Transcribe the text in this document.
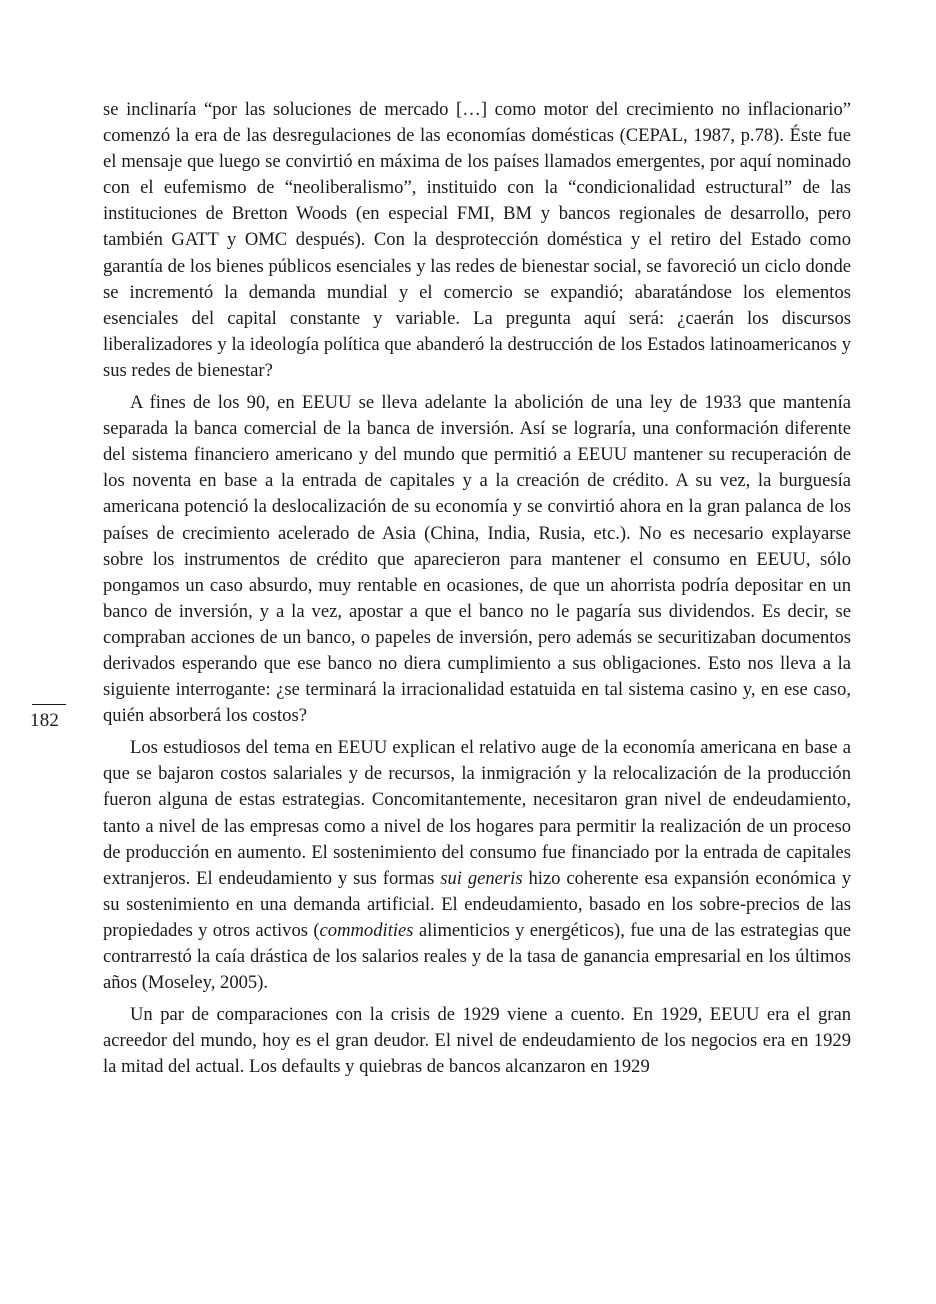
182

se inclinaría “por las soluciones de mercado […] como motor del crecimiento no inflacionario” comenzó la era de las desregulaciones de las economías domésticas (CEPAL, 1987, p.78). Éste fue el mensaje que luego se convirtió en máxima de los países llamados emergentes, por aquí nominado con el eufemismo de “neoliberalismo”, instituido con la “condicionalidad estructural” de las instituciones de Bretton Woods (en especial FMI, BM y bancos regionales de desarrollo, pero también GATT y OMC después). Con la desprotección doméstica y el retiro del Estado como garantía de los bienes públicos esenciales y las redes de bienestar social, se favoreció un ciclo donde se incrementó la demanda mundial y el comercio se expandió; abaratándose los elementos esenciales del capital constante y variable. La pregunta aquí será: ¿caerán los discursos liberalizadores y la ideología política que abanderó la destrucción de los Estados latinoamericanos y sus redes de bienestar?

A fines de los 90, en EEUU se lleva adelante la abolición de una ley de 1933 que mantenía separada la banca comercial de la banca de inversión. Así se lograría, una conformación diferente del sistema financiero americano y del mundo que permitió a EEUU mantener su recuperación de los noventa en base a la entrada de capitales y a la creación de crédito. A su vez, la burguesía americana potenció la deslocalización de su economía y se convirtió ahora en la gran palanca de los países de crecimiento acelerado de Asia (China, India, Rusia, etc.). No es necesario explayarse sobre los instrumentos de crédito que aparecieron para mantener el consumo en EEUU, sólo pongamos un caso absurdo, muy rentable en ocasiones, de que un ahorrista podría depositar en un banco de inversión, y a la vez, apostar a que el banco no le pagaría sus dividendos. Es decir, se compraban acciones de un banco, o papeles de inversión, pero además se securitizaban documentos derivados esperando que ese banco no diera cumplimiento a sus obligaciones. Esto nos lleva a la siguiente interrogante: ¿se terminará la irracionalidad estatuida en tal sistema casino y, en ese caso, quién absorberá los costos?

Los estudiosos del tema en EEUU explican el relativo auge de la economía americana en base a que se bajaron costos salariales y de recursos, la inmigración y la relocalización de la producción fueron alguna de estas estrategias. Concomitantemente, necesitaron gran nivel de endeudamiento, tanto a nivel de las empresas como a nivel de los hogares para permitir la realización de un proceso de producción en aumento. El sostenimiento del consumo fue financiado por la entrada de capitales extranjeros. El endeudamiento y sus formas sui generis hizo coherente esa expansión económica y su sostenimiento en una demanda artificial. El endeudamiento, basado en los sobre-precios de las propiedades y otros activos (commodities alimenticios y energéticos), fue una de las estrategias que contrarrestó la caía drástica de los salarios reales y de la tasa de ganancia empresarial en los últimos años (Moseley, 2005).

Un par de comparaciones con la crisis de 1929 viene a cuento. En 1929, EEUU era el gran acreedor del mundo, hoy es el gran deudor. El nivel de endeudamiento de los negocios era en 1929 la mitad del actual. Los defaults y quiebras de bancos alcanzaron en 1929
